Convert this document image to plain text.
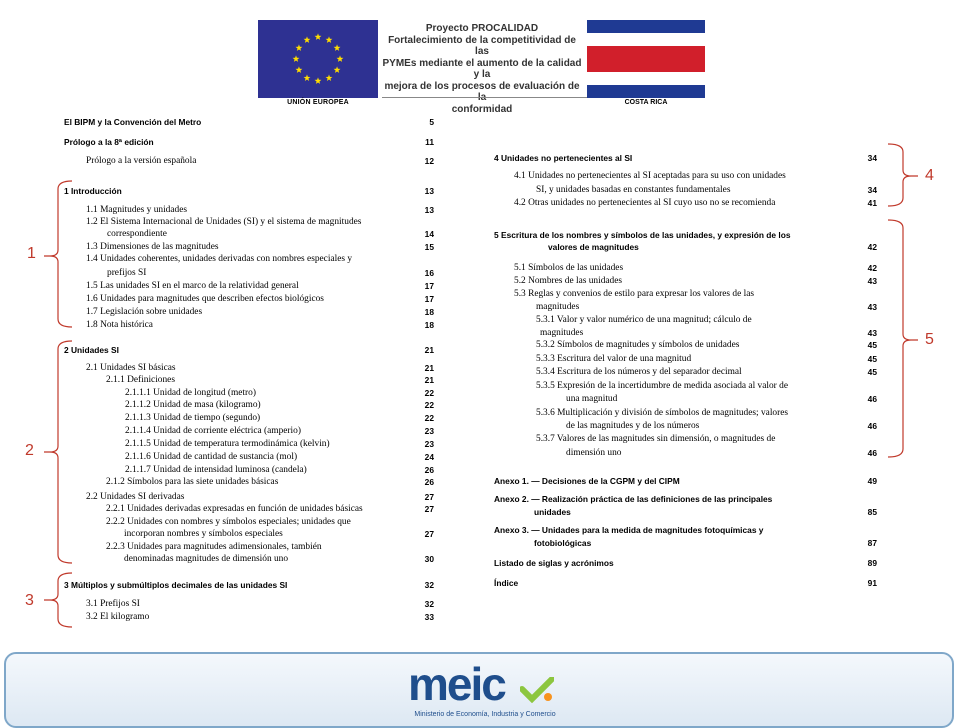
UNIÓN EUROPEA
Proyecto PROCALIDAD
Fortalecimiento de la competitividad de las
PYMEs mediante el aumento de la calidad y la
mejora de los procesos de evaluación de
conformidad
COSTA RICA
El BIPM y la Convención del Metro	5
Prólogo a la 8ª edición	11
Prólogo a la versión española	12
1 Introducción	13
1.1 Magnitudes y unidades	13
1.2 El Sistema Internacional de Unidades (SI) y el sistema de magnitudes
correspondiente	14
1.3 Dimensiones de las magnitudes	15
1.4 Unidades coherentes, unidades derivadas con nombres especiales y
prefijos SI	16
1.5 Las unidades SI en el marco de la relatividad general	17
1.6 Unidades para magnitudes que describen efectos biológicos	17
1.7 Legislación sobre unidades	18
1.8 Nota histórica	18
2 Unidades SI	21
2.1 Unidades SI básicas	21
2.1.1 Definiciones	21
2.1.1.1 Unidad de longitud (metro)	22
2.1.1.2 Unidad de masa (kilogramo)	22
2.1.1.3 Unidad de tiempo (segundo)	22
2.1.1.4 Unidad de corriente eléctrica (amperio)	23
2.1.1.5 Unidad de temperatura termodinámica (kelvin)	23
2.1.1.6 Unidad de cantidad de sustancia (mol)	24
2.1.1.7 Unidad de intensidad luminosa (candela)	26
2.1.2 Símbolos para las siete unidades básicas	26
2.2 Unidades SI derivadas	27
2.2.1 Unidades derivadas expresadas en función de unidades básicas	27
2.2.2 Unidades con nombres y símbolos especiales; unidades que
incorporan nombres y símbolos especiales	27
2.2.3 Unidades para magnitudes adimensionales, también
denominadas magnitudes de dimensión uno	30
3 Múltiplos y submúltiplos decimales de las unidades SI	32
3.1 Prefijos SI	32
3.2 El kilogramo	33
4 Unidades no pertenecientes al SI	34
4.1 Unidades no pertenecientes al SI aceptadas para su uso con unidades
SI, y unidades basadas en constantes fundamentales	34
4.2 Otras unidades no pertenecientes al SI cuyo uso no se recomienda	41
5 Escritura de los nombres y símbolos de las unidades, y expresión de los
valores de magnitudes	42
5.1 Símbolos de las unidades	42
5.2 Nombres de las unidades	43
5.3 Reglas y convenios de estilo para expresar los valores de las
magnitudes	43
5.3.1 Valor y valor numérico de una magnitud; cálculo de
magnitudes	43
5.3.2 Símbolos de magnitudes y símbolos de unidades	45
5.3.3 Escritura del valor de una magnitud	45
5.3.4 Escritura de los números y del separador decimal	45
5.3.5 Expresión de la incertidumbre de medida asociada al valor de
una magnitud	46
5.3.6 Multiplicación y división de símbolos de magnitudes; valores
de las magnitudes y de los números	46
5.3.7 Valores de las magnitudes sin dimensión, o magnitudes de
dimensión uno	46
Anexo 1. — Decisiones de la CGPM y del CIPM	49
Anexo 2. — Realización práctica de las definiciones de las principales
unidades	85
Anexo 3. — Unidades para la medida de magnitudes fotoquímicas y
fotobiológicas	87
Listado de siglas y acrónimos	89
Índice	91
1
2
3
4
5
meic
Ministerio de Economía, Industria y Comercio
